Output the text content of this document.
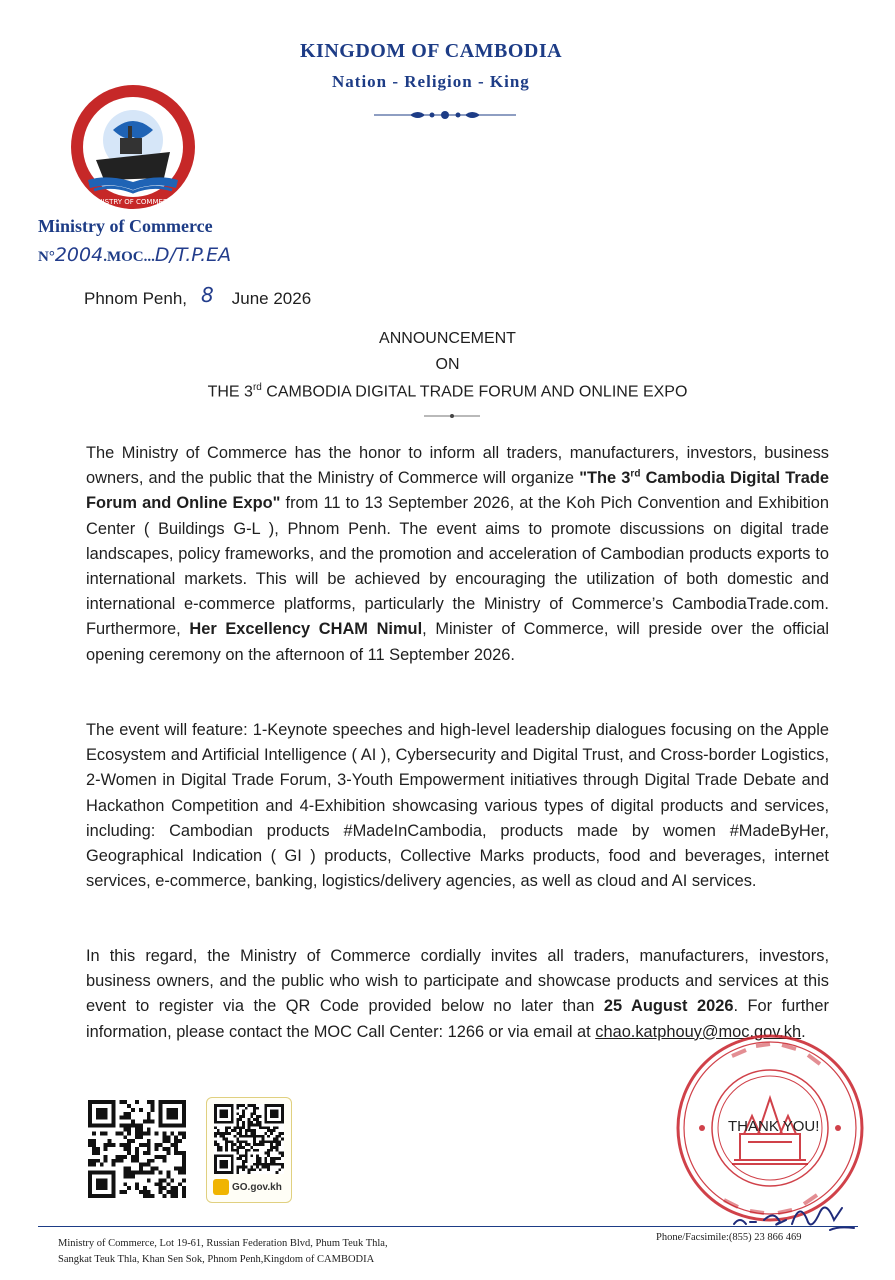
KINGDOM OF CAMBODIA
Nation - Religion - King
MINISTRY OF COMMERCE
Ministry of Commerce
N°2004.MOC...D/T.P.EA
Phnom Penh, 8 June 2026
ANNOUNCEMENT
ON
THE 3rd CAMBODIA DIGITAL TRADE FORUM AND ONLINE EXPO

The Ministry of Commerce has the honor to inform all traders, manufacturers, investors, business owners, and the public that the Ministry of Commerce will organize "The 3rd Cambodia Digital Trade Forum and Online Expo" from 11 to 13 September 2026, at the Koh Pich Convention and Exhibition Center ( Buildings G-L ), Phnom Penh. The event aims to promote discussions on digital trade landscapes, policy frameworks, and the promotion and acceleration of Cambodian products exports to international markets. This will be achieved by encouraging the utilization of both domestic and international e-commerce platforms, particularly the Ministry of Commerce’s CambodiaTrade.com. Furthermore, Her Excellency CHAM Nimul, Minister of Commerce, will preside over the official opening ceremony on the afternoon of 11 September 2026.

The event will feature: 1-Keynote speeches and high-level leadership dialogues focusing on the Apple Ecosystem and Artificial Intelligence ( AI ), Cybersecurity and Digital Trust, and Cross-border Logistics, 2-Women in Digital Trade Forum, 3-Youth Empowerment initiatives through Digital Trade Debate and Hackathon Competition and 4-Exhibition showcasing various types of digital products and services, including: Cambodian products #MadeInCambodia, products made by women #MadeByHer, Geographical Indication ( GI ) products, Collective Marks products, food and beverages, internet services, e-commerce, banking, logistics/delivery agencies, as well as cloud and AI services.

In this regard, the Ministry of Commerce cordially invites all traders, manufacturers, investors, business owners, and the public who wish to participate and showcase products and services at this event to register via the QR Code provided below no later than 25 August 2026. For further information, please contact the MOC Call Center: 1266 or via email at chao.katphouy@moc.gov.kh.

GO.gov.kh
THANK YOU!
Ministry of Commerce, Lot 19-61, Russian Federation Blvd, Phum Teuk Thla,
Sangkat Teuk Thla, Khan Sen Sok, Phnom Penh,Kingdom of CAMBODIA
Phone/Facsimile:(855) 23 866 469
